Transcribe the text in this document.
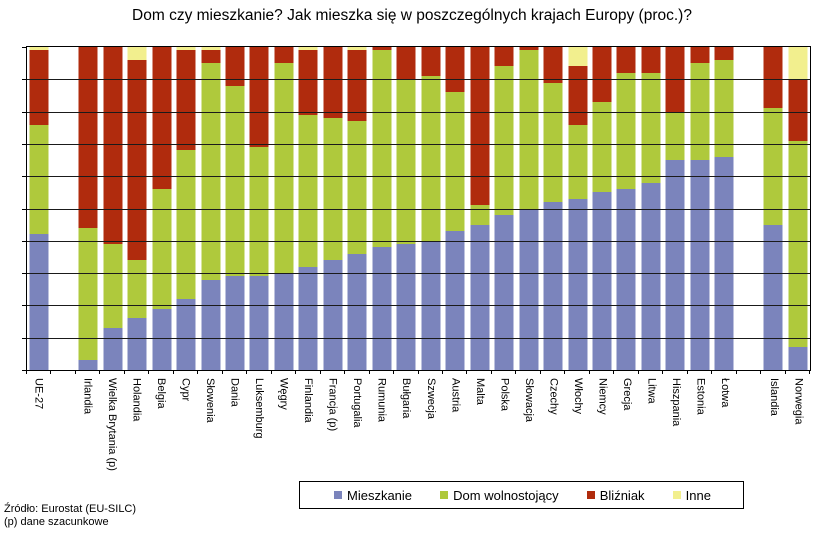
Dom czy mieszkanie? Jak mieszka się w poszczególnych krajach Europy (proc.)?
UE-27	Irlandia Wielka Brytania (p) Holandia Belgia Cypr Słowenia Dania Luksemburg Węgry Finlandia Francja (p) Portugalia Rumunia Bułgaria Szwecja Austria Malta Polska Słowacja Czechy Włochy Niemcy Grecja Litwa Hiszpania Estonia Łotwa	Islandia Norwegia
Mieszkanie	Dom wolnostojący	Bliźniak	Inne
Źródło: Eurostat (EU-SILC)
(p) dane szacunkowe
